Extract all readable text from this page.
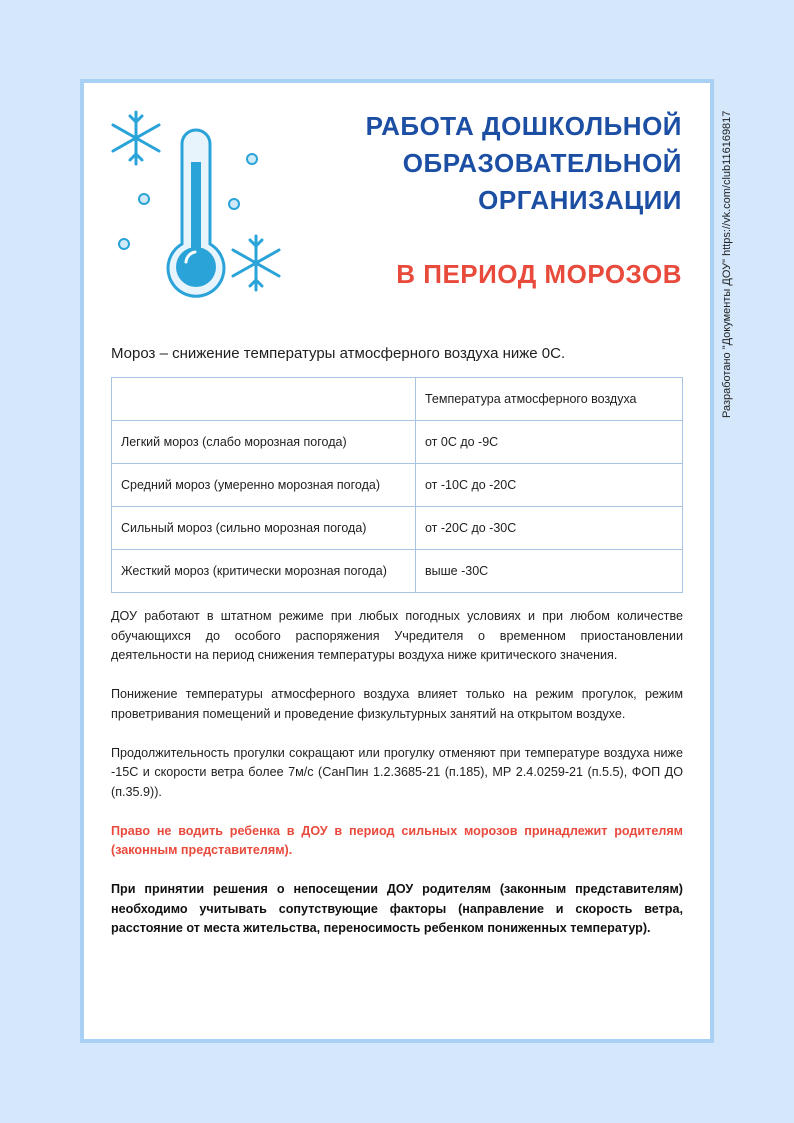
Разработано "Документы ДОУ" https://vk.com/club116169817
РАБОТА ДОШКОЛЬНОЙ
ОБРАЗОВАТЕЛЬНОЙ
ОРГАНИЗАЦИИ
В ПЕРИОД МОРОЗОВ
Мороз – снижение температуры атмосферного воздуха ниже 0С.
	Температура атмосферного воздуха
Легкий мороз (слабо морозная погода)	от 0С до -9С
Средний мороз (умеренно морозная погода)	от -10С до -20С
Сильный мороз (сильно морозная погода)	от -20С до -30С
Жесткий мороз (критически морозная погода)	выше -30С

ДОУ работают в штатном режиме при любых погодных условиях и при любом количестве обучающихся до особого распоряжения Учредителя о временном приостановлении деятельности на период снижения температуры воздуха ниже критического значения.

Понижение температуры атмосферного воздуха влияет только на режим прогулок, режим проветривания помещений и проведение физкультурных занятий на открытом воздухе.

Продолжительность прогулки сокращают или прогулку отменяют при температуре воздуха ниже -15С и скорости ветра более 7м/с (СанПин 1.2.3685-21 (п.185), МР 2.4.0259-21 (п.5.5), ФОП ДО (п.35.9)).

Право не водить ребенка в ДОУ в период сильных морозов принадлежит родителям (законным представителям).

При принятии решения о непосещении ДОУ родителям (законным представителям) необходимо учитывать сопутствующие факторы (направление и скорость ветра, расстояние от места жительства, переносимость ребенком пониженных температур).
